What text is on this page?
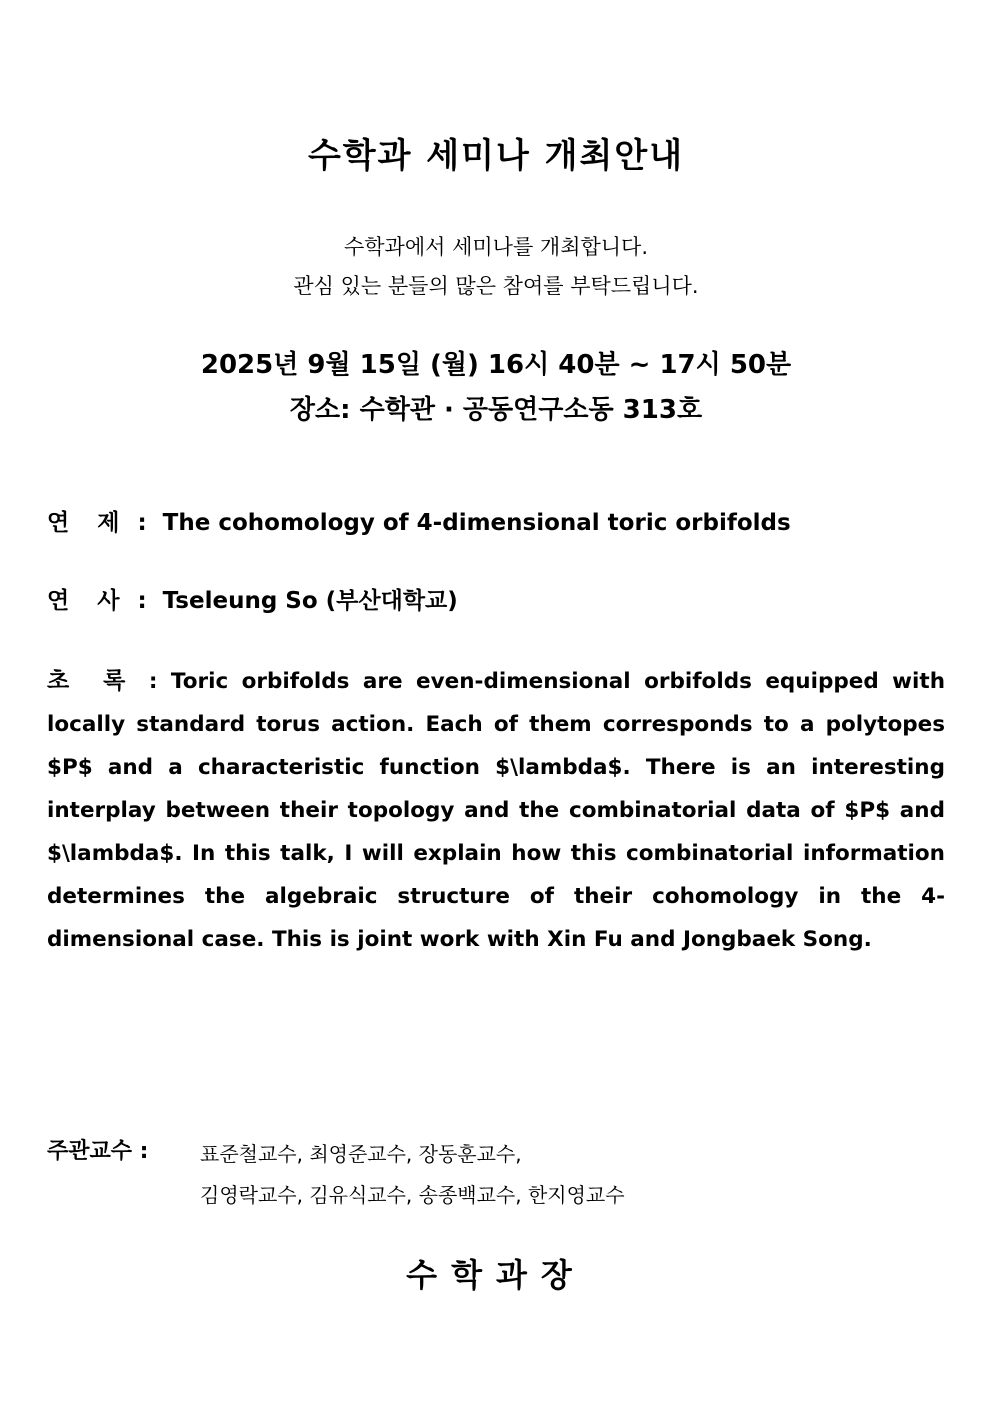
수학과 세미나 개최안내
수학과에서 세미나를 개최합니다.
관심 있는 분들의 많은 참여를 부탁드립니다.
2025년 9월 15일 (월) 16시 40분 ~ 17시 50분
장소: 수학관 · 공동연구소동 313호
연 제 : The cohomology of 4-dimensional toric orbifolds
연 사 : Tseleung So (부산대학교)
초 록 : Toric orbifolds are even-dimensional orbifolds equipped with locally standard torus action. Each of them corresponds to a polytopes $P$ and a characteristic function $\lambda$. There is an interesting interplay between their topology and the combinatorial data of $P$ and $\lambda$. In this talk, I will explain how this combinatorial information determines the algebraic structure of their cohomology in the 4-dimensional case. This is joint work with Xin Fu and Jongbaek Song.
주관교수 :	표준철교수, 최영준교수, 장동훈교수,
김영락교수, 김유식교수, 송종백교수, 한지영교수
수학과장
